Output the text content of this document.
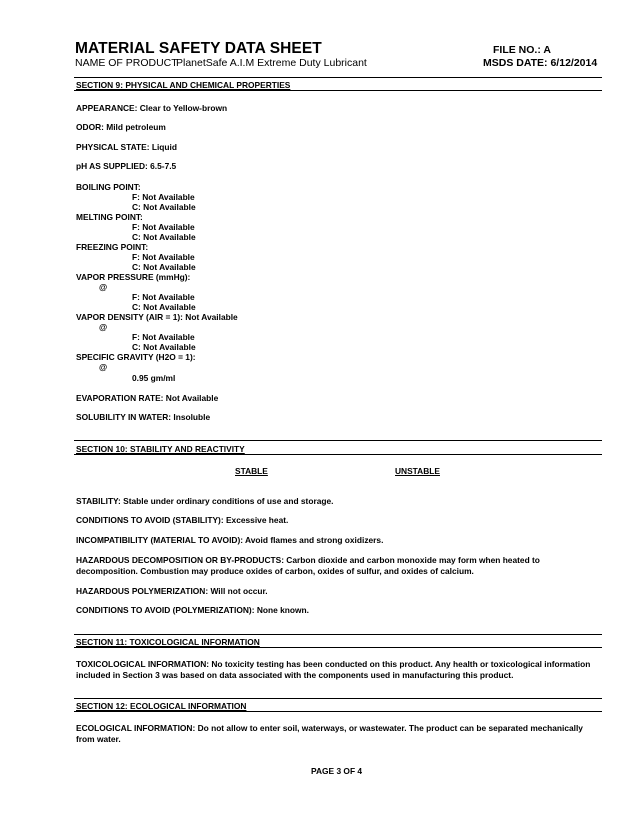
MATERIAL SAFETY DATA SHEET	FILE NO.: A
NAME OF PRODUCT
PlanetSafe A.I.M Extreme Duty Lubricant	MSDS DATE: 6/12/2014
SECTION 9: PHYSICAL AND CHEMICAL PROPERTIES
APPEARANCE: Clear to Yellow-brown
ODOR: Mild petroleum
PHYSICAL STATE: Liquid
pH AS SUPPLIED: 6.5-7.5
BOILING POINT:
F: Not Available
C: Not Available
MELTING POINT:
F: Not Available
C: Not Available
FREEZING POINT:
F: Not Available
C: Not Available
VAPOR PRESSURE (mmHg):
@
F: Not Available
C: Not Available
VAPOR DENSITY (AIR = 1): Not Available
@
F: Not Available
C: Not Available
SPECIFIC GRAVITY (H2O = 1):
@
0.95 gm/ml
EVAPORATION RATE: Not Available
SOLUBILITY IN WATER: Insoluble
SECTION 10: STABILITY AND REACTIVITY
STABLE	UNSTABLE
STABILITY: Stable under ordinary conditions of use and storage.
CONDITIONS TO AVOID (STABILITY): Excessive heat.
INCOMPATIBILITY (MATERIAL TO AVOID): Avoid flames and strong oxidizers.
HAZARDOUS DECOMPOSITION OR BY-PRODUCTS: Carbon dioxide and carbon monoxide may form when heated to decomposition. Combustion may produce oxides of carbon, oxides of sulfur, and oxides of calcium.
HAZARDOUS POLYMERIZATION: Will not occur.
CONDITIONS TO AVOID (POLYMERIZATION): None known.
SECTION 11: TOXICOLOGICAL INFORMATION
TOXICOLOGICAL INFORMATION: No toxicity testing has been conducted on this product. Any health or toxicological information included in Section 3 was based on data associated with the components used in manufacturing this product.
SECTION 12: ECOLOGICAL INFORMATION
ECOLOGICAL INFORMATION: Do not allow to enter soil, waterways, or wastewater. The product can be separated mechanically from water.
PAGE 3 OF 4
